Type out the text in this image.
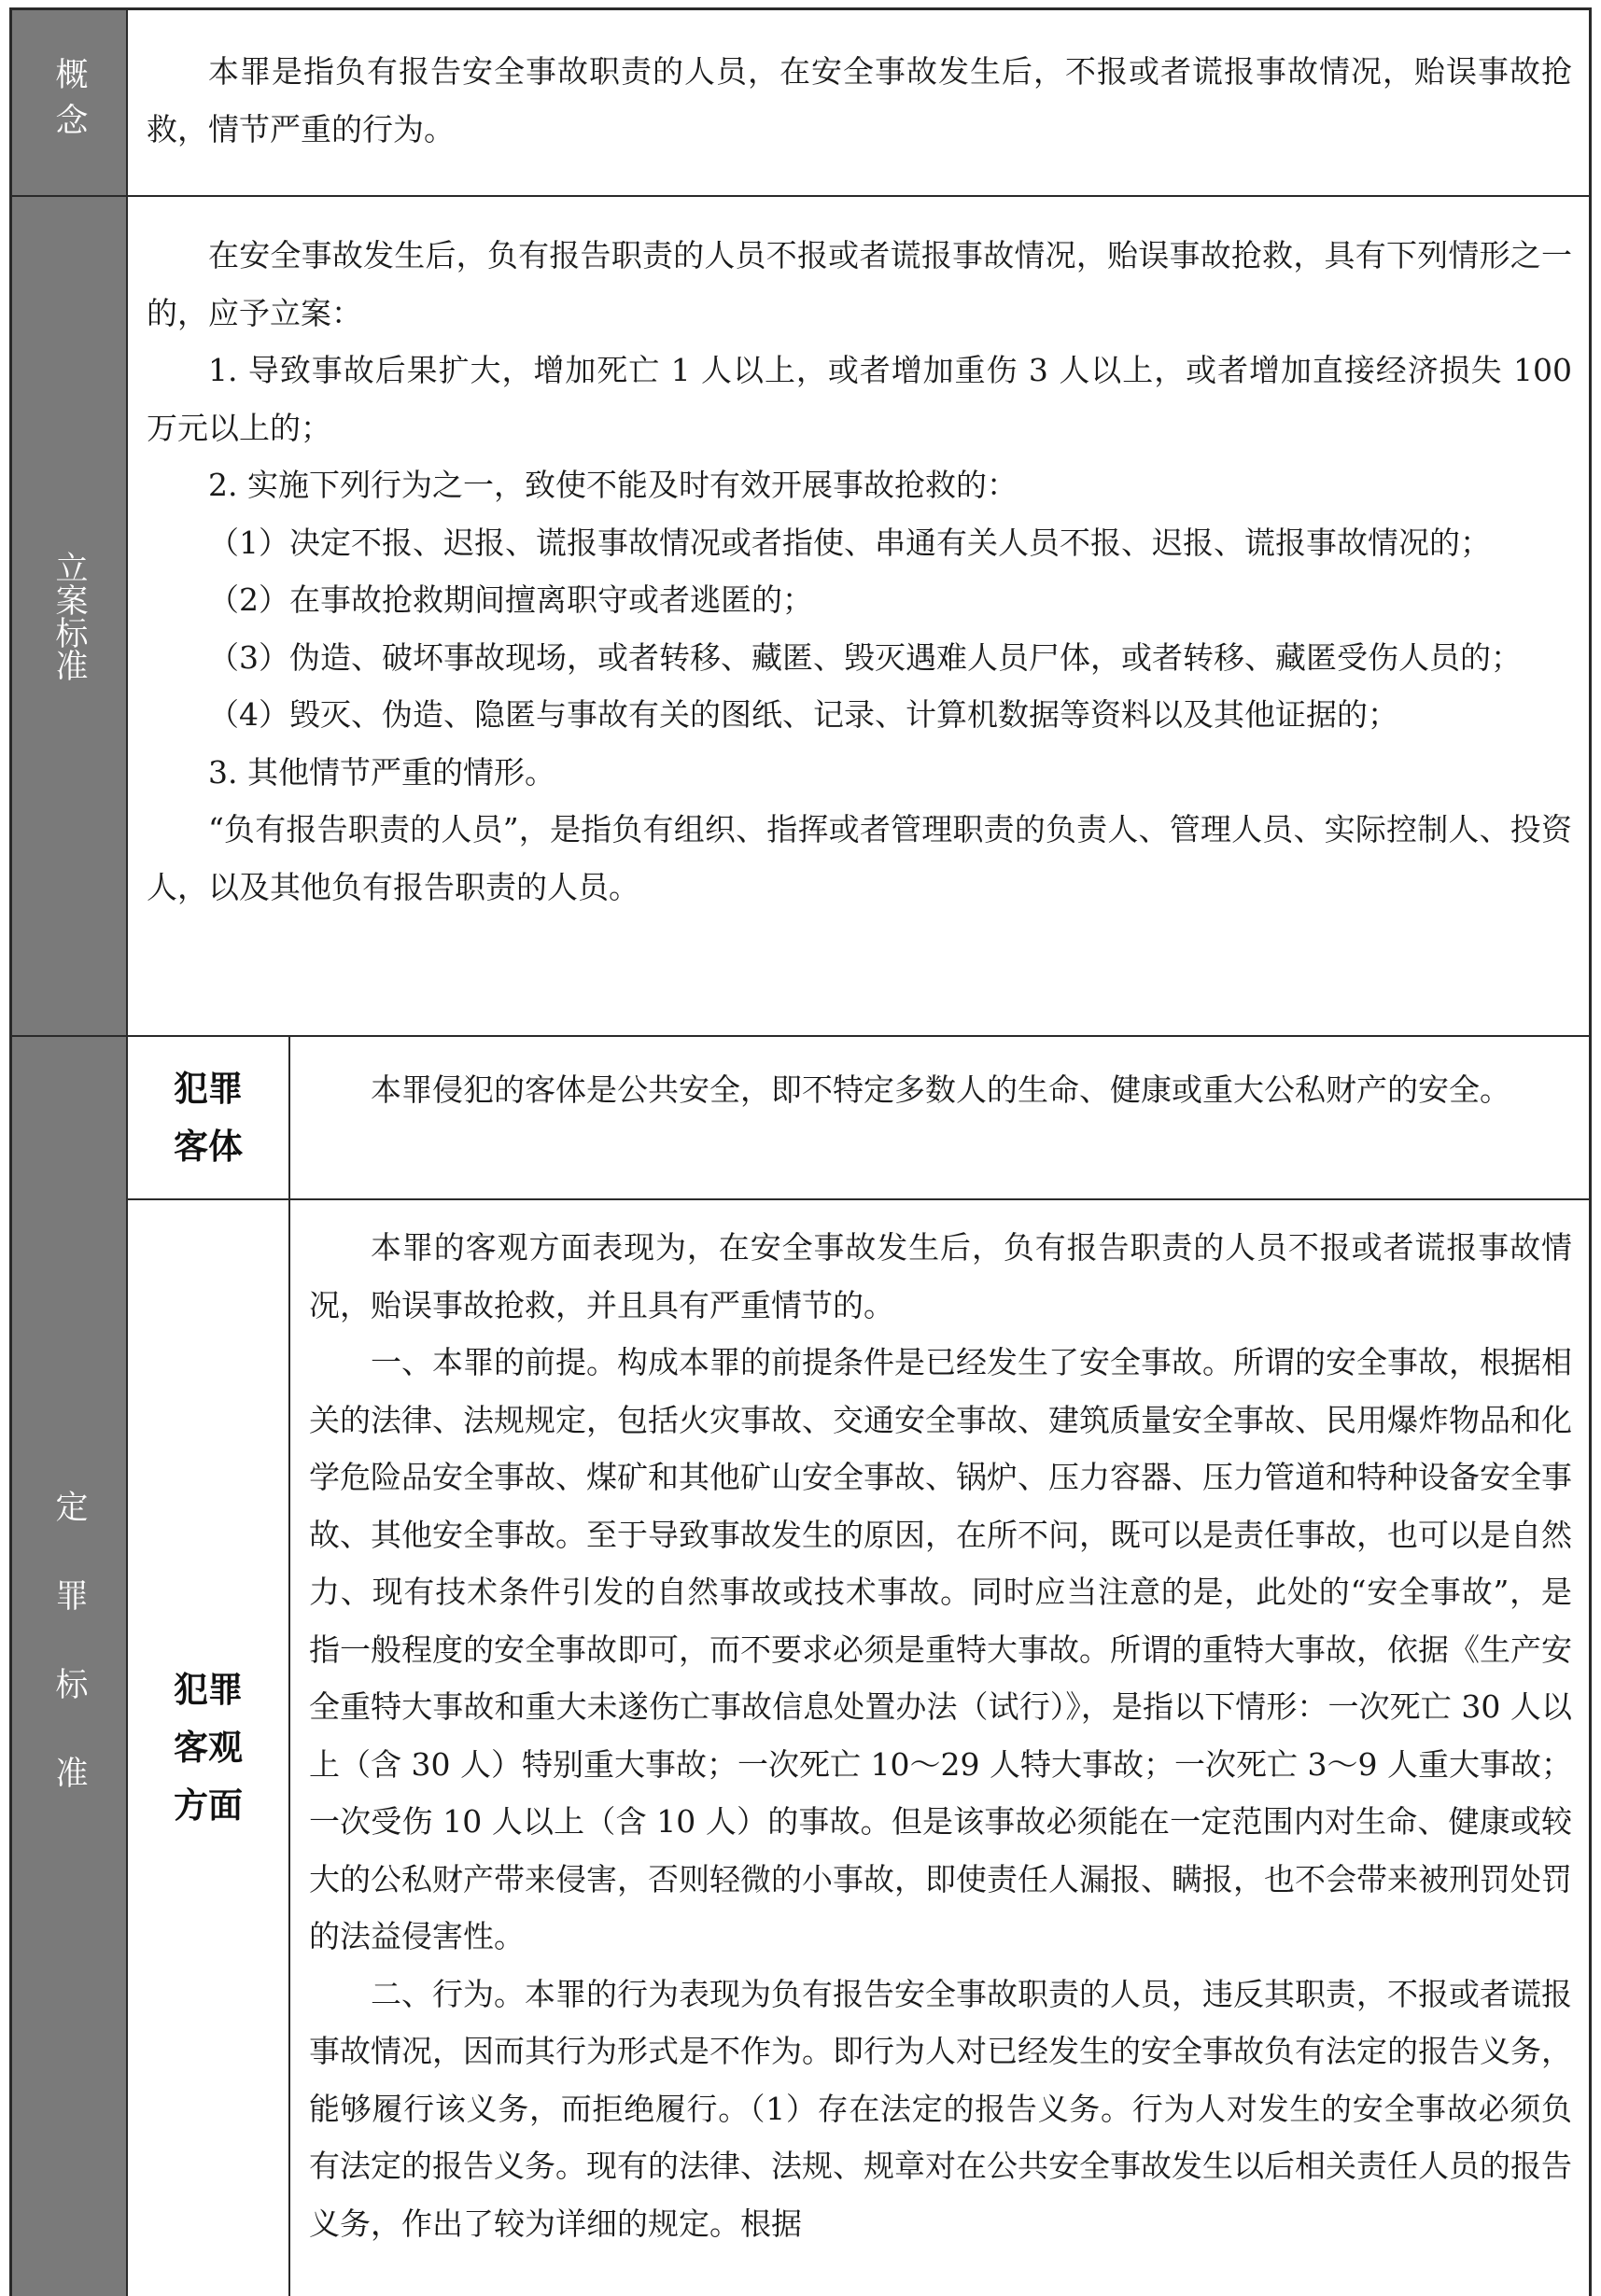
概念	本罪是指负有报告安全事故职责的人员，在安全事故发生后，不报或者谎报事故情况，贻误事故抢救，情节严重的行为。

立案标准

在安全事故发生后，负有报告职责的人员不报或者谎报事故情况，贻误事故抢救，具有下列情形之一的，应予立案：

1. 导致事故后果扩大，增加死亡 1 人以上，或者增加重伤 3 人以上，或者增加直接经济损失 100 万元以上的；

2. 实施下列行为之一，致使不能及时有效开展事故抢救的：

（1）决定不报、迟报、谎报事故情况或者指使、串通有关人员不报、迟报、谎报事故情况的；

（2）在事故抢救期间擅离职守或者逃匿的；

（3）伪造、破坏事故现场，或者转移、藏匿、毁灭遇难人员尸体，或者转移、藏匿受伤人员的；

（4）毁灭、伪造、隐匿与事故有关的图纸、记录、计算机数据等资料以及其他证据的；

3. 其他情节严重的情形。

“负有报告职责的人员”，是指负有组织、指挥或者管理职责的负责人、管理人员、实际控制人、投资人，以及其他负有报告职责的人员。

定罪标准
犯罪客体

本罪侵犯的客体是公共安全，即不特定多数人的生命、健康或重大公私财产的安全。

犯罪客观方面

本罪的客观方面表现为，在安全事故发生后，负有报告职责的人员不报或者谎报事故情况，贻误事故抢救，并且具有严重情节的。

一、本罪的前提。构成本罪的前提条件是已经发生了安全事故。所谓的安全事故，根据相关的法律、法规规定，包括火灾事故、交通安全事故、建筑质量安全事故、民用爆炸物品和化学危险品安全事故、煤矿和其他矿山安全事故、锅炉、压力容器、压力管道和特种设备安全事故、其他安全事故。至于导致事故发生的原因，在所不问，既可以是责任事故，也可以是自然力、现有技术条件引发的自然事故或技术事故。同时应当注意的是，此处的“安全事故”，是指一般程度的安全事故即可，而不要求必须是重特大事故。所谓的重特大事故，依据《生产安全重特大事故和重大未遂伤亡事故信息处置办法（试行）》，是指以下情形：一次死亡 30 人以上（含 30 人）特别重大事故；一次死亡 10～29 人特大事故；一次死亡 3～9 人重大事故；一次受伤 10 人以上（含 10 人）的事故。但是该事故必须能在一定范围内对生命、健康或较大的公私财产带来侵害，否则轻微的小事故，即使责任人漏报、瞒报，也不会带来被刑罚处罚的法益侵害性。

二、行为。本罪的行为表现为负有报告安全事故职责的人员，违反其职责，不报或者谎报事故情况，因而其行为形式是不作为。即行为人对已经发生的安全事故负有法定的报告义务，能够履行该义务，而拒绝履行。（1）存在法定的报告义务。行为人对发生的安全事故必须负有法定的报告义务。现有的法律、法规、规章对在公共安全事故发生以后相关责任人员的报告义务，作出了较为详细的规定。根据
